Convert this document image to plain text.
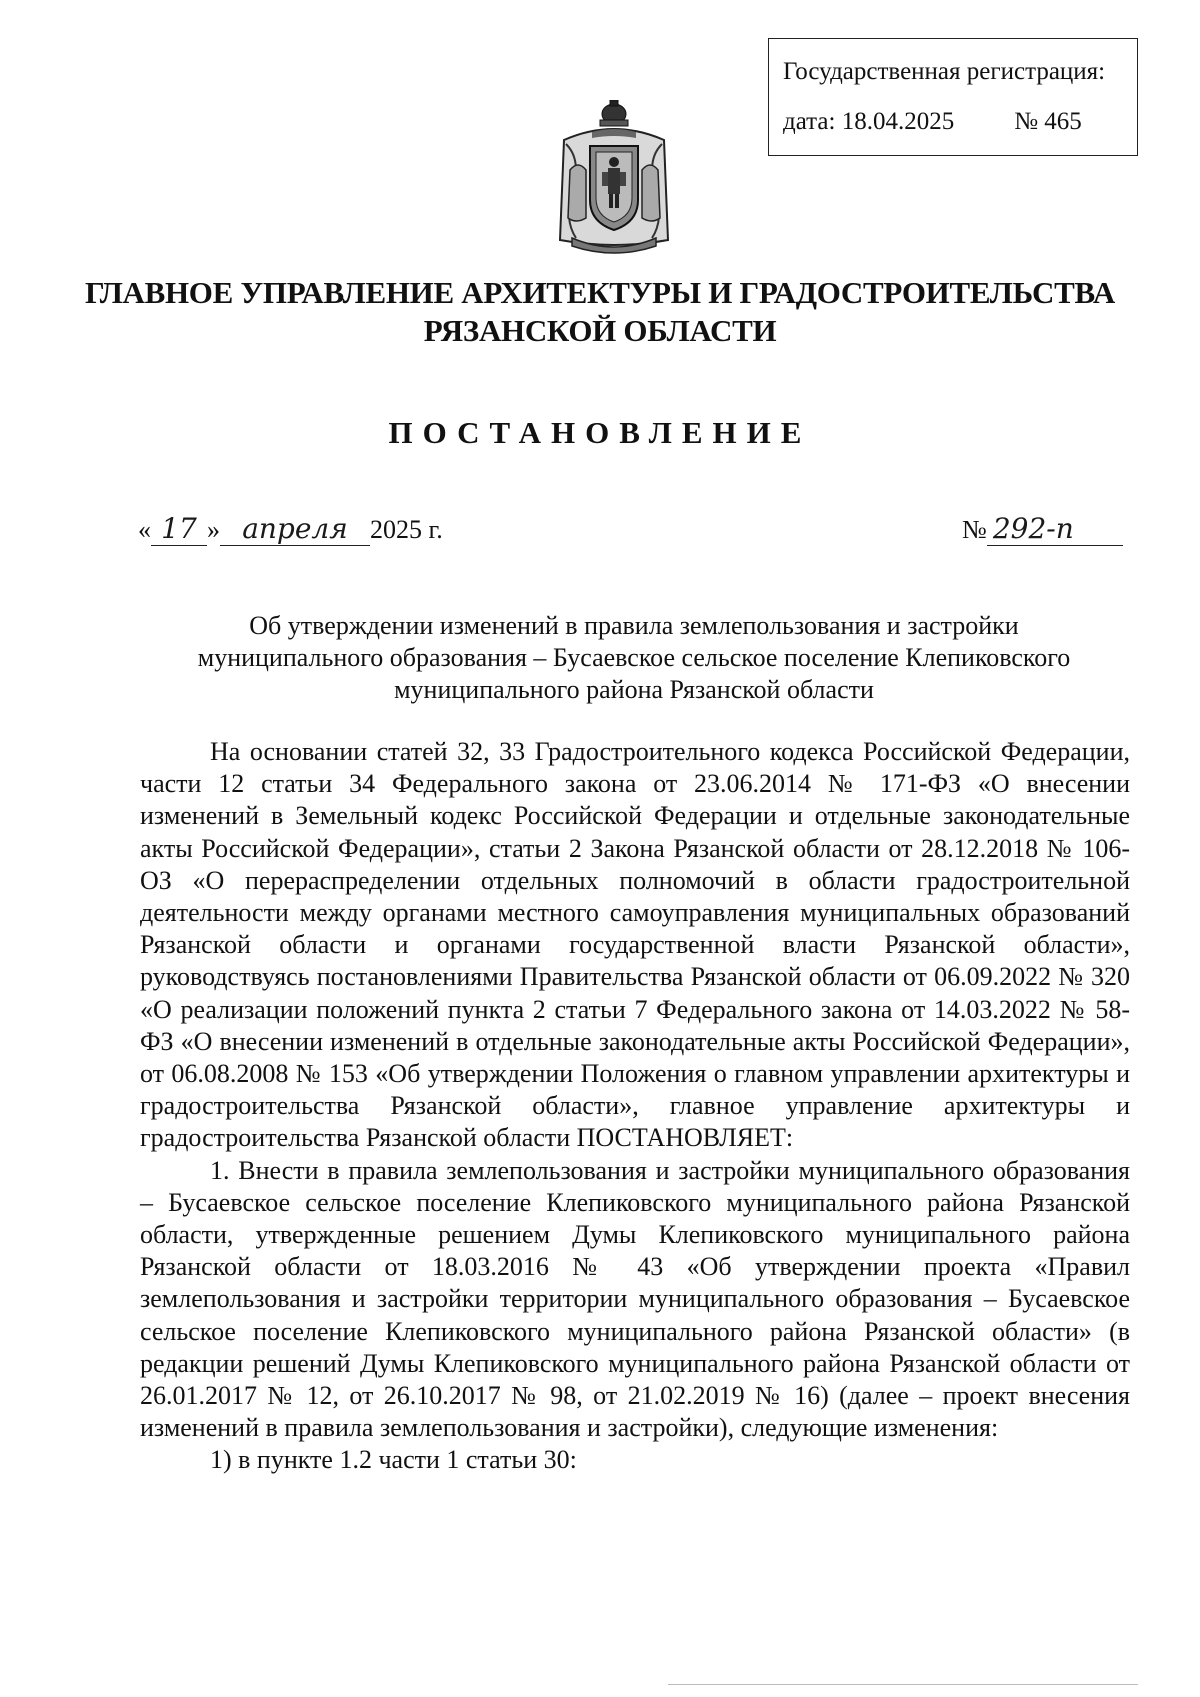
Государственная регистрация:
дата: 18.04.2025 № 465
ГЛАВНОЕ УПРАВЛЕНИЕ АРХИТЕКТУРЫ И ГРАДОСТРОИТЕЛЬСТВА
РЯЗАНСКОЙ ОБЛАСТИ
ПОСТАНОВЛЕНИЕ
« 17 » апреля 2025 г.	№ 292-п
Об утверждении изменений в правила землепользования и застройки
муниципального образования – Бусаевское сельское поселение Клепиковского
муниципального района Рязанской области

На основании статей 32, 33 Градостроительного кодекса Российской Федерации, части 12 статьи 34 Федерального закона от 23.06.2014 № 171-ФЗ «О внесении изменений в Земельный кодекс Российской Федерации и отдельные законодательные акты Российской Федерации», статьи 2 Закона Рязанской области от 28.12.2018 № 106-ОЗ «О перераспределении отдельных полномочий в области градостроительной деятельности между органами местного самоуправления муниципальных образований Рязанской области и органами государственной власти Рязанской области», руководствуясь постановлениями Правительства Рязанской области от 06.09.2022 № 320 «О реализации положений пункта 2 статьи 7 Федерального закона от 14.03.2022 № 58-ФЗ «О внесении изменений в отдельные законодательные акты Российской Федерации», от 06.08.2008 № 153 «Об утверждении Положения о главном управлении архитектуры и градостроительства Рязанской области», главное управление архитектуры и градостроительства Рязанской области ПОСТАНОВЛЯЕТ:

1. Внести в правила землепользования и застройки муниципального образования – Бусаевское сельское поселение Клепиковского муниципального района Рязанской области, утвержденные решением Думы Клепиковского муниципального района Рязанской области от 18.03.2016 № 43 «Об утверждении проекта «Правил землепользования и застройки территории муниципального образования – Бусаевское сельское поселение Клепиковского муниципального района Рязанской области» (в редакции решений Думы Клепиковского муниципального района Рязанской области от 26.01.2017 № 12, от 26.10.2017 № 98, от 21.02.2019 № 16) (далее – проект внесения изменений в правила землепользования и застройки), следующие изменения:

1) в пункте 1.2 части 1 статьи 30:
